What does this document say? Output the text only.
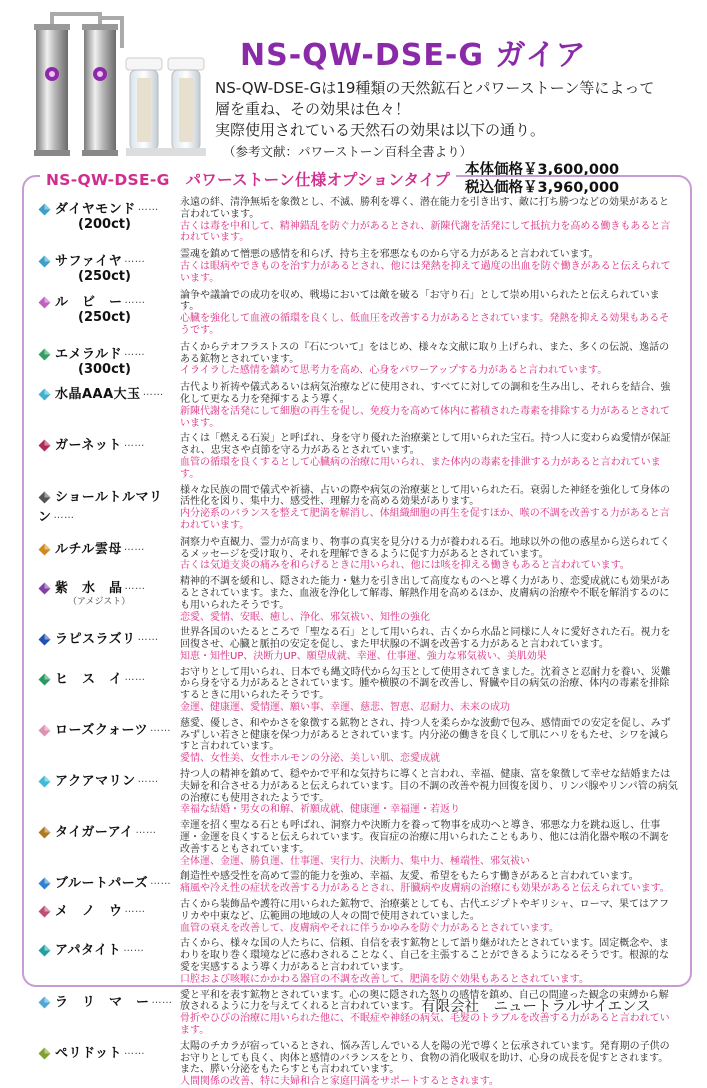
NS-QW-DSE-G ガイア
NS-QW-DSE-Gは19種類の天然鉱石とパワーストーン等によって
層を重ね、その効果は色々！
実際使用されている天然石の効果は以下の通り。
（参考文献：パワーストーン百科全書より）
本体価格￥3,600,000
税込価格￥3,960,000
NS-QW-DSE-G　パワーストーン仕様オプションタイプ
ダイヤモンド ……
(200ct)
永遠の絆、清浄無垢を象徴とし、不滅、勝利を導く、潜在能力を引き出す、敵に打ち勝つなどの効果があると言われています。
古くは毒を中和して、精神錯乱を防ぐ力があるとされ、新陳代謝を活発にして抵抗力を高める働きもあると言われています。
サファイヤ ……
(250ct)
霊魂を鎮めて憎悪の感情を和らげ、持ち主を邪悪なものから守る力があると言われています。
古くは眼病やできものを治す力があるとされ、他には発熱を抑えて過度の出血を防ぐ働きがあると伝えられています。
ル　ビ　ー ……
(250ct)
論争や議論での成功を収め、戦場においては敵を破る「お守り石」として崇め用いられたと伝えられています。
心臓を強化して血液の循環を良くし、低血圧を改善する力があるとされています。発熱を抑える効果もあるそうです。
エメラルド ……
(300ct)
古くからテオフラストスの『石について』をはじめ、様々な文献に取り上げられ、また、多くの伝説、逸話のある鉱物とされています。
イライラした感情を鎮めて思考力を高め、心身をパワーアップする力があると言われています。
水晶AAA大玉 ……	古代より祈祷や儀式あるいは病気治療などに使用され、すべてに対しての調和を生み出し、それらを結合、強化して更なる力を発揮するよう導く。
新陳代謝を活発にして細胞の再生を促し、免疫力を高めて体内に蓄積された毒素を排除する力があるとされています。
ガーネット ……	古くは「燃える石炭」と呼ばれ、身を守り優れた治療薬として用いられた宝石。持つ人に変わらぬ愛情が保証され、忠実さや貞節を守る力があるとされています。
血管の循環を良くするとして心臓病の治療に用いられ、また体内の毒素を排泄する力があると言われています。
ショールトルマリン ……
様々な民族の間で儀式や祈禱、占いの際や病気の治療薬として用いられた石。衰弱した神経を強化して身体の活性化を図り、集中力、感受性、理解力を高める効果があります。
内分泌系のバランスを整えて肥満を解消し、体組織細胞の再生を促すほか、喉の不調を改善する力があると言われています。
ルチル雲母 ……	洞察力や直観力、霊力が高まり、物事の真実を見分ける力が養われる石。地球以外の他の惑星から送られてくるメッセージを受け取り、それを理解できるように促す力があるとされています。
古くは気道支炎の痛みを和らげるときに用いられ、他には咳を抑える働きもあると言われています。
紫　水　晶 ……
（アメジスト）
精神的不調を緩和し、隠された能力・魅力を引き出して高度なものへと導く力があり、恋愛成就にも効果があるとされています。また、血液を浄化して解毒、解熱作用を高めるほか、皮膚病の治療や不眠を解消するのにも用いられたそうです。
恋愛、愛情、安眠、癒し、浄化、邪気祓い、知性の強化
ラピスラズリ ……	世界各国のいたるところで「聖なる石」として用いられ、古くから水晶と同様に人々に愛好された石。視力を回復させ、心臓と脈拍の安定を促し、また甲状腺の不調を改善する力があると言われています。
知恵・知性UP、決断力UP、願望成就、幸運、仕事運、強力な邪気祓い、美肌効果
ヒ　ス　イ ……	お守りとして用いられ、日本でも縄文時代から勾玉として使用されてきました。沈着さと忍耐力を養い、災難から身を守る力があるとされています。腫や横膜の不調を改善し、腎臓や目の病気の治療、体内の毒素を排除するときに用いられたそうです。
金運、健康運、愛情運、願い事、幸運、慈悲、智恵、忍耐力、未来の成功
ローズクォーツ …… 慈愛、優しさ、和やかさを象徴する鉱物とされ、持つ人を柔らかな波動で包み、感情面での安定を促し、みずみずしい若さと健康を保つ力があるとされています。内分泌の働きを良くして肌にハリをもたせ、シワを減らすと言われています。
愛情、女性美、女性ホルモンの分泌、美しい肌、恋愛成就
アクアマリン ……	持つ人の精神を鎮めて、穏やかで平和な気持ちに導くと言われ、幸福、健康、富を象徴して幸せな結婚または夫婦を和合させる力があると伝えられています。目の不調の改善や視力回復を図り、リンパ腺やリンパ管の病気の治療にも使用されたようです。
幸福な結婚・男女の和解、祈願成就、健康運・幸福運・若返り
タイガーアイ ……	幸運を招く聖なる石とも呼ばれ、洞察力や決断力を養って物事を成功へと導き、邪悪な力を跳ね返し、仕事運・金運を良くすると伝えられています。夜盲症の治療に用いられたこともあり、他には消化器や喉の不調を改善するともされています。
全体運、金運、勝負運、仕事運、実行力、決断力、集中力、極端性、邪気祓い
ブルートパーズ …… 創造性や感受性を高めて霊的能力を強め、幸福、友愛、希望をもたらす働きがあると言われています。
痛風や冷え性の症状を改善する力があるとされ、肝臓病や皮膚病の治療にも効果があると伝えられています。
メ　ノ　ウ ……	古くから装飾品や護符に用いられた鉱物で、治療薬としても、古代エジプトやギリシャ、ローマ、果てはアフリカや中東など、広範囲の地域の人々の間で使用されていました。
血管の衰えを改善して、皮膚病やそれに伴うかゆみを防ぐ力があるとされています。
アパタイト ……	古くから、様々な国の人たちに、信頼、自信を表す鉱物として語り継がれたとされています。固定概念や、まわりを取り巻く環境などに惑わされることなく、自己を主張することができるようになるそうです。根源的な愛を実感するよう導く力があると言われています。
口腔および咳喉にかかわる器官の不調を改善して、肥満を防ぐ効果もあるとされています。
ラ　リ　マ　ー …… 愛と平和を表す鉱物とされています。心の奥に隠された怒りの感情を鎮め、自己の間違った観念の束縛から解放されるように力を与えてくれると言われています。
骨折やひびの治療に用いられた他に、不眠症や神経の病気、毛髪のトラブルを改善する力があると言われています。
ペリドット ……	太陽のチカラが宿っているとされ、悩み苦しんでいる人を陽の光で導くと伝承されています。発育期の子供のお守りとしても良く、肉体と感情のバランスをとり、食物の消化吸収を助け、心身の成長を促すとされます。また、膵い分泌をもたらすとも言われています。
人間関係の改善、特に夫婦和合と家庭円満をサポートするとされます。
有限会社　ニュートラルサイエンス
